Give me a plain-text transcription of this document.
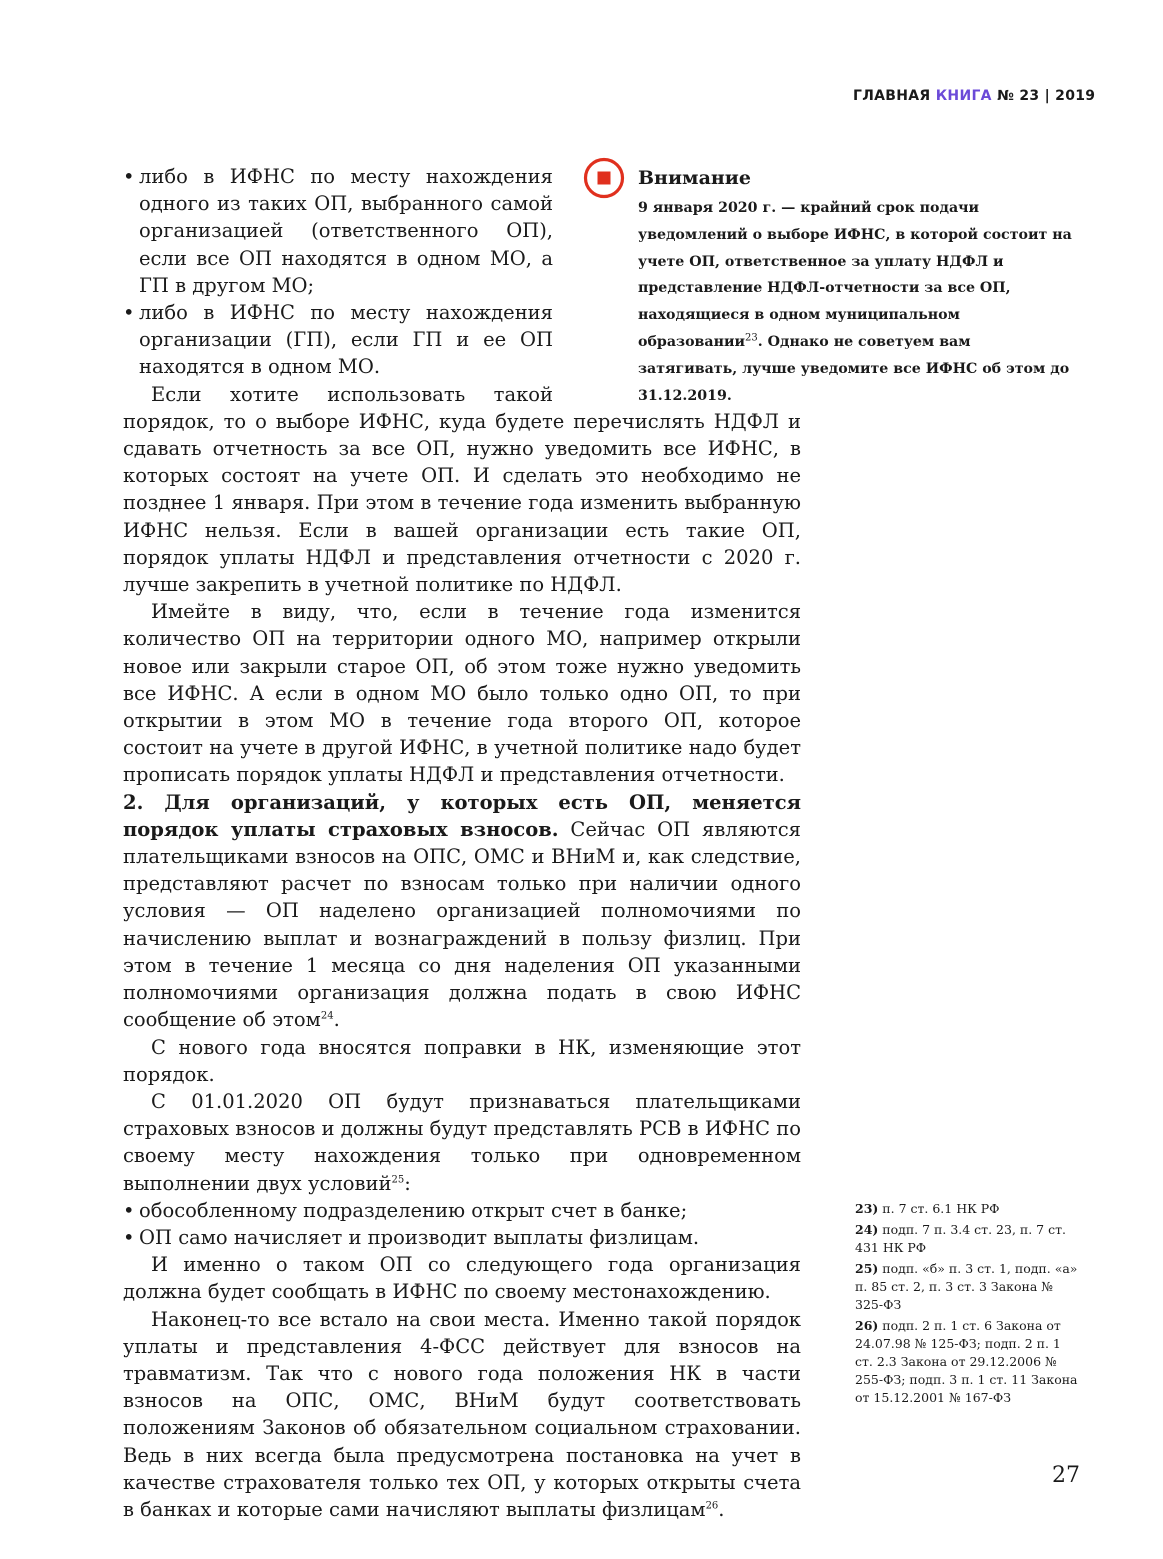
ГЛАВНАЯ КНИГА № 23 | 2019
Внимание
9 января 2020 г. — крайний срок подачи уведомлений о выборе ИФНС, в которой состоит на учете ОП, ответственное за уплату НДФЛ и представление НДФЛ-отчетности за все ОП, находящиеся в одном муниципальном образовании$^{23}$. Однако не советуем вам затягивать, лучше уведомите все ИФНС об этом до 31.12.2019.

• либо в ИФНС по месту нахождения одного из таких ОП, выбранного самой организацией (ответственного ОП), если все ОП находятся в одном МО, а ГП в другом МО;

• либо в ИФНС по месту нахождения организации (ГП), если ГП и ее ОП находятся в одном МО.

Если хотите использовать такой порядок, то о выборе ИФНС, куда будете перечислять НДФЛ и сдавать отчетность за все ОП, нужно уведомить все ИФНС, в которых состоят на учете ОП. И сделать это необходимо не позднее 1 января. При этом в течение года изменить выбранную ИФНС нельзя. Если в вашей организации есть такие ОП, порядок уплаты НДФЛ и представления отчетности с 2020 г. лучше закрепить в учетной политике по НДФЛ.

Имейте в виду, что, если в течение года изменится количество ОП на территории одного МО, например открыли новое или закрыли старое ОП, об этом тоже нужно уведомить все ИФНС. А если в одном МО было только одно ОП, то при открытии в этом МО в течение года второго ОП, которое состоит на учете в другой ИФНС, в учетной политике надо будет прописать порядок уплаты НДФЛ и представления отчетности.

2. Для организаций, у которых есть ОП, меняется порядок уплаты страховых взносов. Сейчас ОП являются плательщиками взносов на ОПС, ОМС и ВНиМ и, как следствие, представляют расчет по взносам только при наличии одного условия — ОП наделено организацией полномочиями по начислению выплат и вознаграждений в пользу физлиц. При этом в течение 1 месяца со дня наделения ОП указанными полномочиями организация должна подать в свою ИФНС сообщение об этом$^{24}$.

С нового года вносятся поправки в НК, изменяющие этот порядок.

С 01.01.2020 ОП будут признаваться плательщиками страховых взносов и должны будут представлять РСВ в ИФНС по своему месту нахождения только при одновременном выполнении двух условий$^{25}$:

• обособленному подразделению открыт счет в банке;

• ОП само начисляет и производит выплаты физлицам.

И именно о таком ОП со следующего года организация должна будет сообщать в ИФНС по своему местонахождению.

Наконец-то все встало на свои места. Именно такой порядок уплаты и представления 4-ФСС действует для взносов на травматизм. Так что с нового года положения НК в части взносов на ОПС, ОМС, ВНиМ будут соответствовать положениям Законов об обязательном социальном страховании. Ведь в них всегда была предусмотрена постановка на учет в качестве страхователя только тех ОП, у которых открыты счета в банках и которые сами начисляют выплаты физлицам$^{26}$.

23) п. 7 ст. 6.1 НК РФ
24) подп. 7 п. 3.4 ст. 23, п. 7 ст. 431 НК РФ
25) подп. «б» п. 3 ст. 1, подп. «а» п. 85 ст. 2, п. 3 ст. 3 Закона № 325-ФЗ
26) подп. 2 п. 1 ст. 6 Закона от 24.07.98 № 125-ФЗ; подп. 2 п. 1 ст. 2.3 Закона от 29.12.2006 № 255-ФЗ; подп. 3 п. 1 ст. 11 Закона от 15.12.2001 № 167-ФЗ
27
